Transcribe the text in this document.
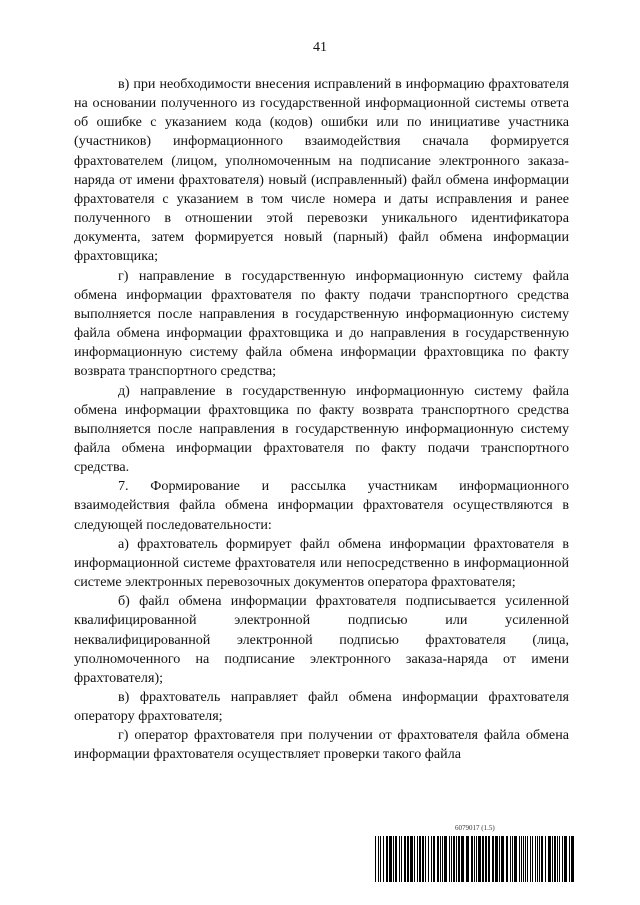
41

в) при необходимости внесения исправлений в информацию фрахтователя на основании полученного из государственной информационной системы ответа об ошибке с указанием кода (кодов) ошибки или по инициативе участника (участников) информационного взаимодействия сначала формируется фрахтователем (лицом, уполномоченным на подписание электронного заказа-наряда от имени фрахтователя) новый (исправленный) файл обмена информации фрахтователя с указанием в том числе номера и даты исправления и ранее полученного в отношении этой перевозки уникального идентификатора документа, затем формируется новый (парный) файл обмена информации фрахтовщика;

г) направление в государственную информационную систему файла обмена информации фрахтователя по факту подачи транспортного средства выполняется после направления в государственную информационную систему файла обмена информации фрахтовщика и до направления в государственную информационную систему файла обмена информации фрахтовщика по факту возврата транспортного средства;

д) направление в государственную информационную систему файла обмена информации фрахтовщика по факту возврата транспортного средства выполняется после направления в государственную информационную систему файла обмена информации фрахтователя по факту подачи транспортного средства.

7. Формирование и рассылка участникам информационного взаимодействия файла обмена информации фрахтователя осуществляются в следующей последовательности:

а) фрахтователь формирует файл обмена информации фрахтователя в информационной системе фрахтователя или непосредственно в информационной системе электронных перевозочных документов оператора фрахтователя;

б) файл обмена информации фрахтователя подписывается усиленной квалифицированной электронной подписью или усиленной неквалифицированной электронной подписью фрахтователя (лица, уполномоченного на подписание электронного заказа-наряда от имени фрахтователя);

в) фрахтователь направляет файл обмена информации фрахтователя оператору фрахтователя;

г) оператор фрахтователя при получении от фрахтователя файла обмена информации фрахтователя осуществляет проверки такого файла

6079017 (1.5)
